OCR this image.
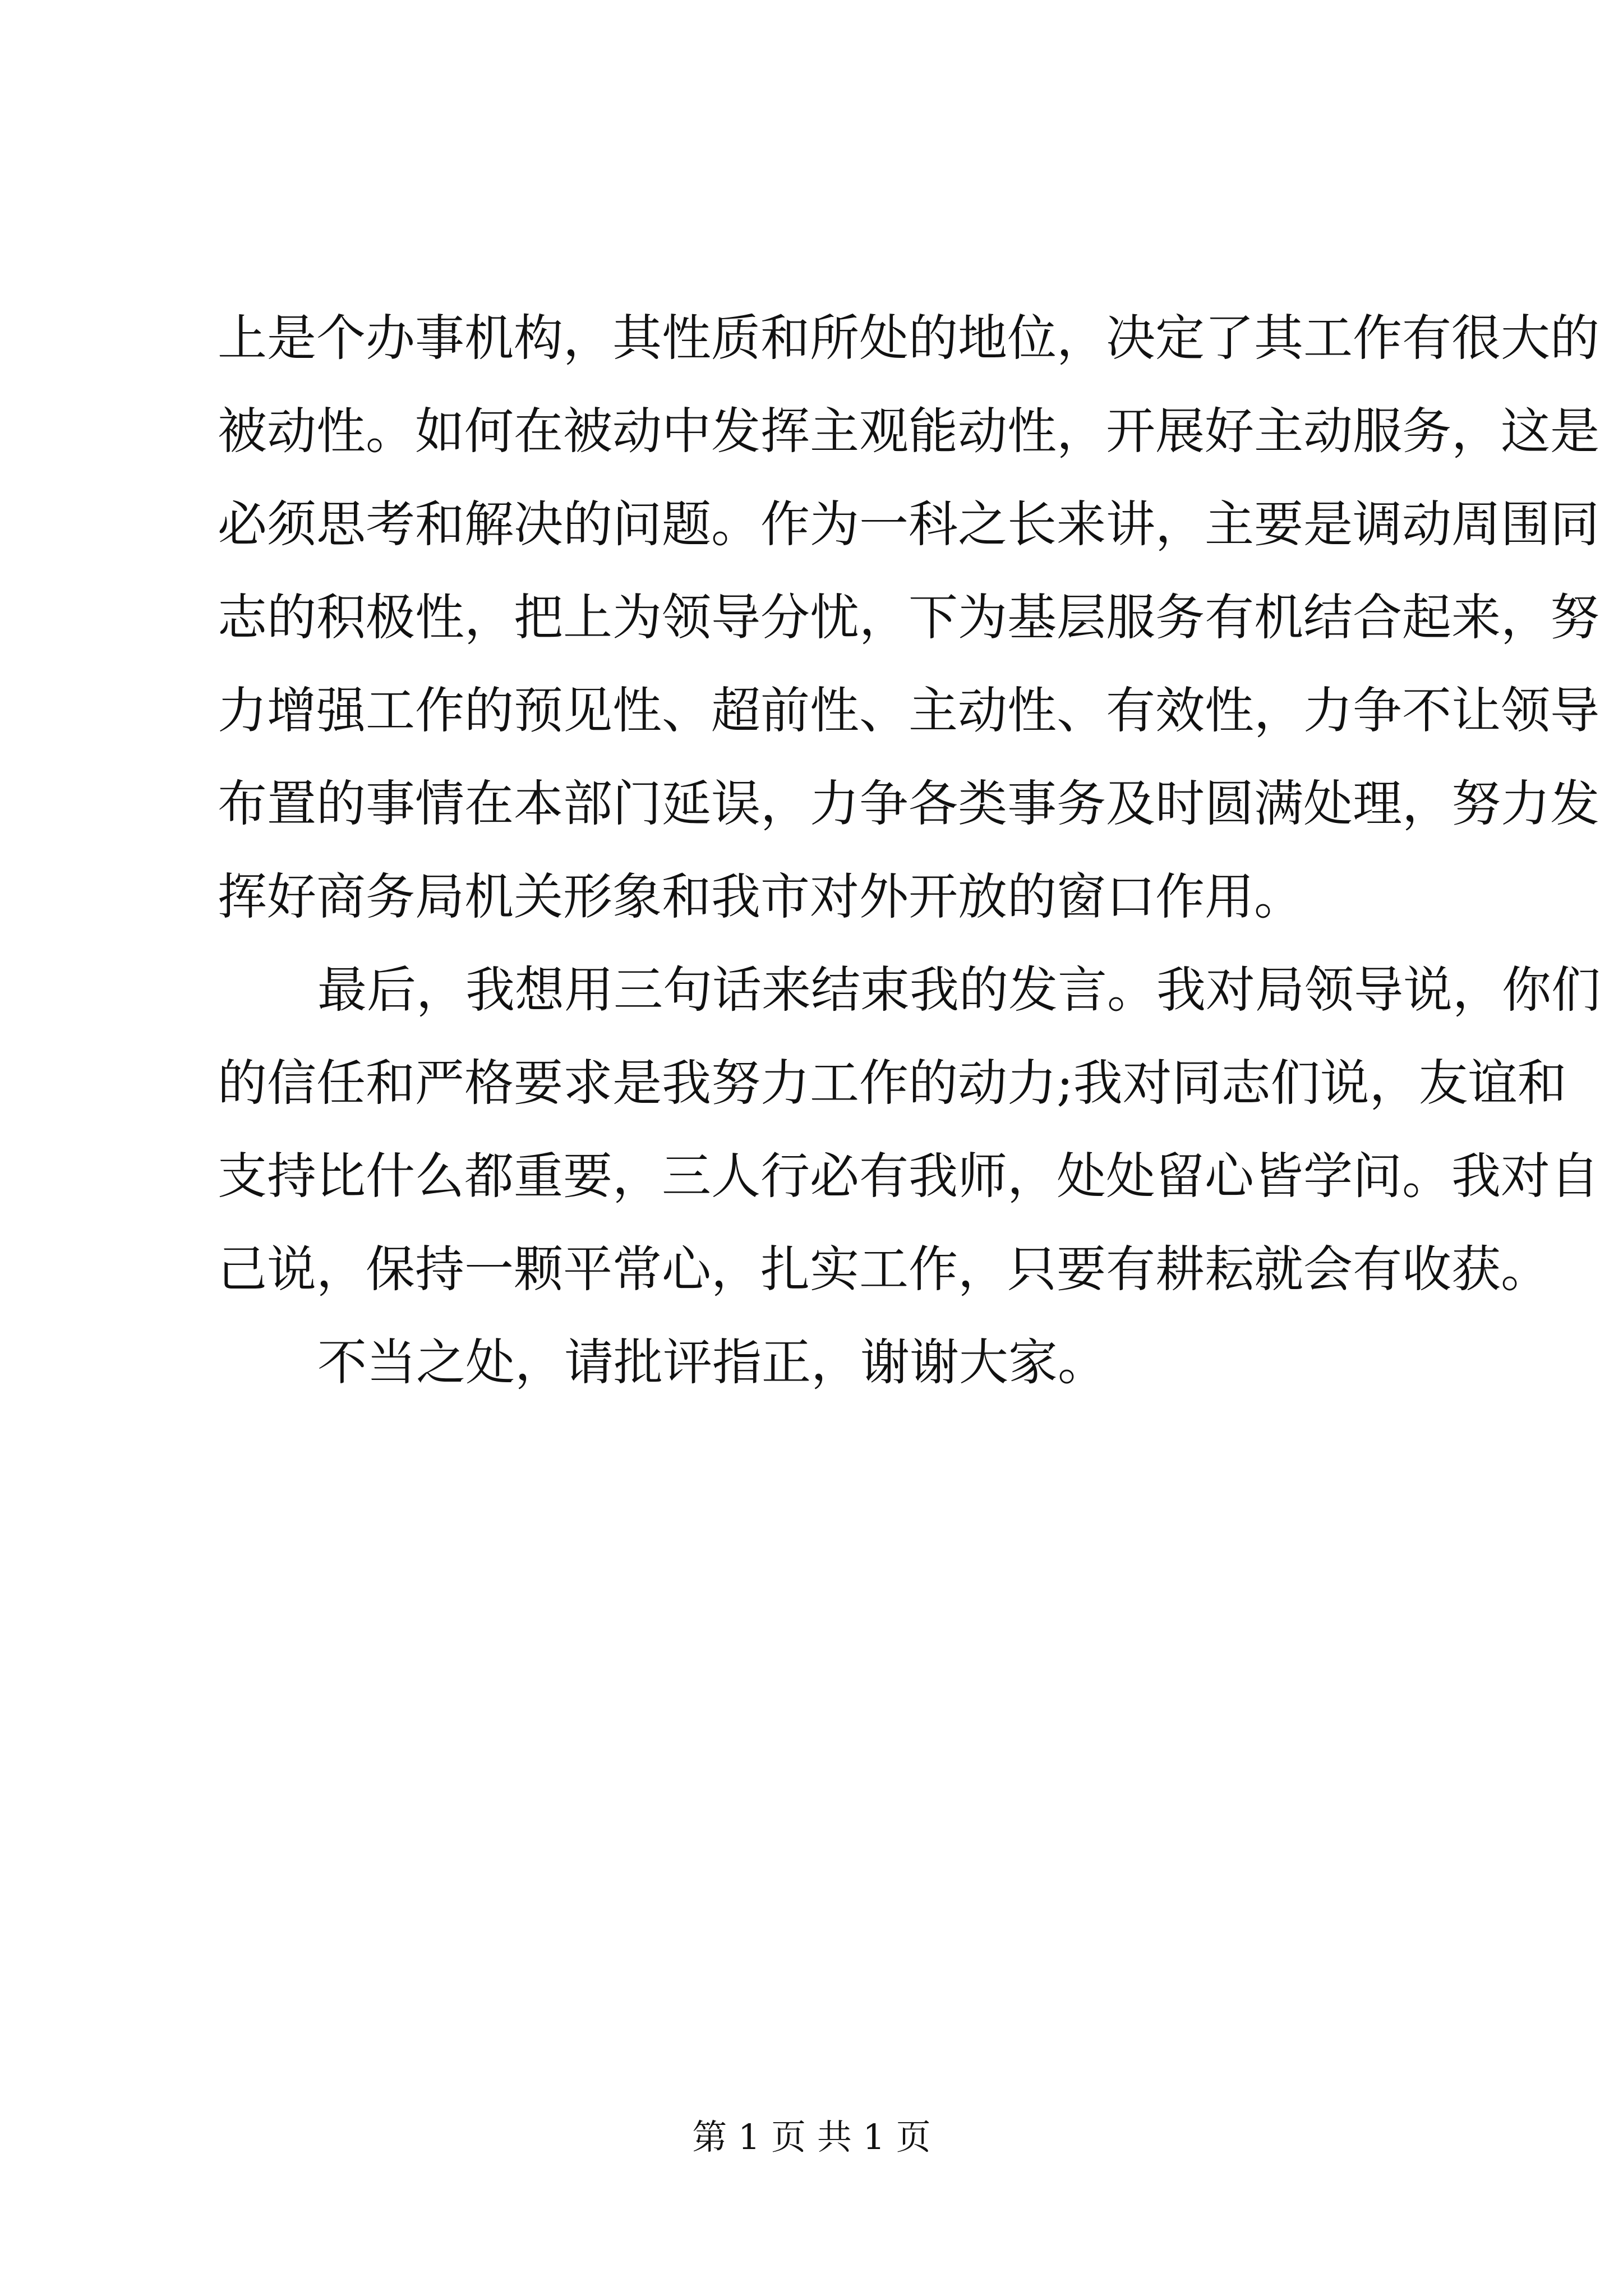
上是个办事机构，其性质和所处的地位，决定了其工作有很大的
被动性。如何在被动中发挥主观能动性，开展好主动服务，这是
必须思考和解决的问题。作为一科之长来讲，主要是调动周围同
志的积极性，把上为领导分忧，下为基层服务有机结合起来，努
力增强工作的预见性、超前性、主动性、有效性，力争不让领导
布置的事情在本部门延误，力争各类事务及时圆满处理，努力发
挥好商务局机关形象和我市对外开放的窗口作用。
最后，我想用三句话来结束我的发言。我对局领导说，你们
的信任和严格要求是我努力工作的动力;我对同志们说，友谊和
支持比什么都重要，三人行必有我师，处处留心皆学问。我对自
己说，保持一颗平常心，扎实工作，只要有耕耘就会有收获。
不当之处，请批评指正，谢谢大家。
第 1 页 共 1 页
